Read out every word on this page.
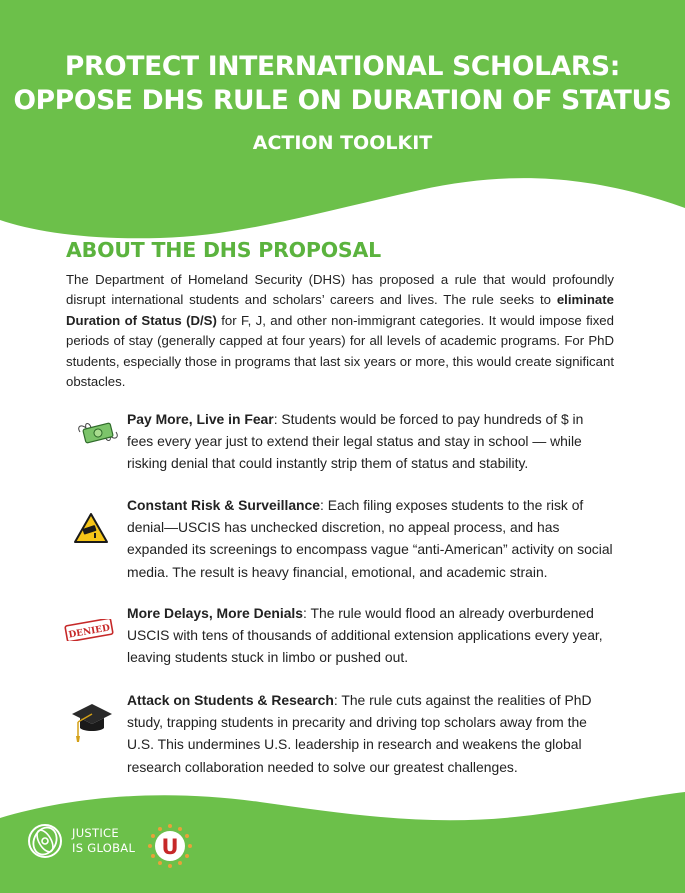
PROTECT INTERNATIONAL SCHOLARS:
OPPOSE DHS RULE ON DURATION OF STATUS
ACTION TOOLKIT
ABOUT THE DHS PROPOSAL

The Department of Homeland Security (DHS) has proposed a rule that would profoundly disrupt international students and scholars’ careers and lives. The rule seeks to eliminate Duration of Status (D/S) for F, J, and other non-immigrant categories. It would impose fixed periods of stay (generally capped at four years) for all levels of academic programs. For PhD students, especially those in programs that last six years or more, this would create significant obstacles.

Pay More, Live in Fear: Students would be forced to pay hundreds of $ in fees every year just to extend their legal status and stay in school — while risking denial that could instantly strip them of status and stability.

Constant Risk & Surveillance: Each filing exposes students to the risk of denial—USCIS has unchecked discretion, no appeal process, and has expanded its screenings to encompass vague “anti-American” activity on social media. The result is heavy financial, emotional, and academic strain.

DENIED

More Delays, More Denials: The rule would flood an already overburdened USCIS with tens of thousands of additional extension applications every year, leaving students stuck in limbo or pushed out.

Attack on Students & Research: The rule cuts against the realities of PhD study, trapping students in precarity and driving top scholars away from the U.S. This undermines U.S. leadership in research and weakens the global research collaboration needed to solve our greatest challenges.

JUSTICE
IS GLOBAL U
